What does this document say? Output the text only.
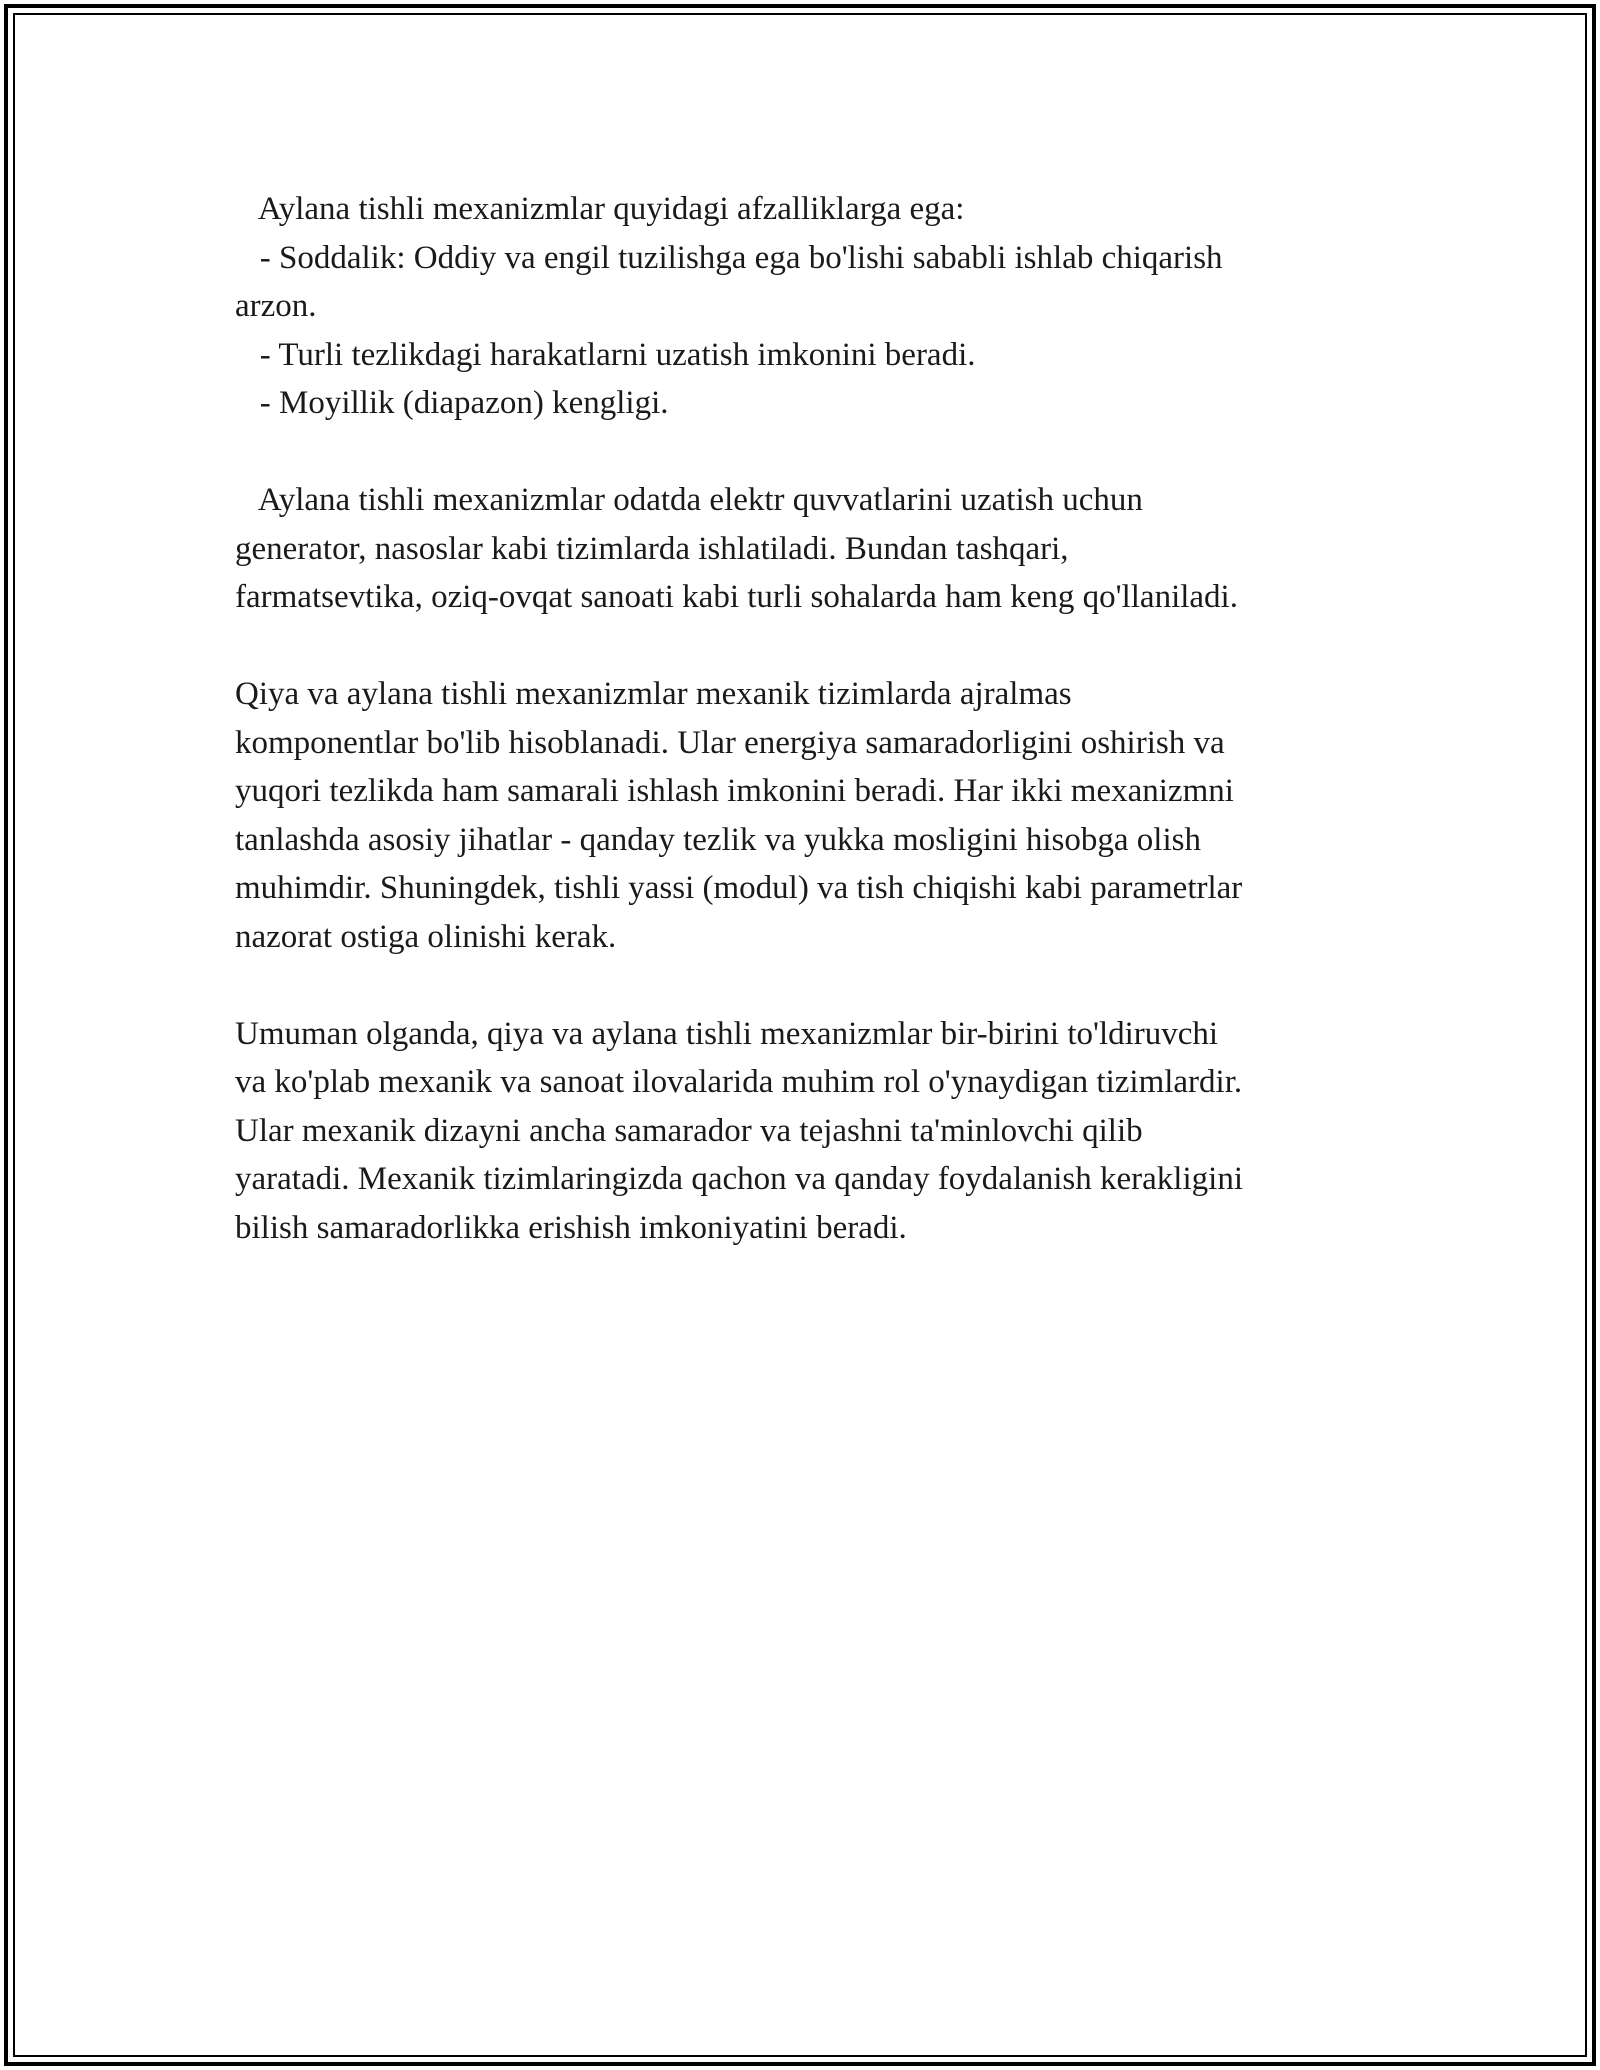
Aylana tishli mexanizmlar quyidagi afzalliklarga ega:
- Soddalik: Oddiy va engil tuzilishga ega bo'lishi sababli ishlab chiqarish
arzon.
- Turli tezlikdagi harakatlarni uzatish imkonini beradi.
- Moyillik (diapazon) kengligi.
Aylana tishli mexanizmlar odatda elektr quvvatlarini uzatish uchun
generator, nasoslar kabi tizimlarda ishlatiladi. Bundan tashqari,
farmatsevtika, oziq-ovqat sanoati kabi turli sohalarda ham keng qo'llaniladi.
Qiya va aylana tishli mexanizmlar mexanik tizimlarda ajralmas
komponentlar bo'lib hisoblanadi. Ular energiya samaradorligini oshirish va
yuqori tezlikda ham samarali ishlash imkonini beradi. Har ikki mexanizmni
tanlashda asosiy jihatlar - qanday tezlik va yukka mosligini hisobga olish
muhimdir. Shuningdek, tishli yassi (modul) va tish chiqishi kabi parametrlar
nazorat ostiga olinishi kerak.
Umuman olganda, qiya va aylana tishli mexanizmlar bir-birini to'ldiruvchi
va ko'plab mexanik va sanoat ilovalarida muhim rol o'ynaydigan tizimlardir.
Ular mexanik dizayni ancha samarador va tejashni ta'minlovchi qilib
yaratadi. Mexanik tizimlaringizda qachon va qanday foydalanish kerakligini
bilish samaradorlikka erishish imkoniyatini beradi.
